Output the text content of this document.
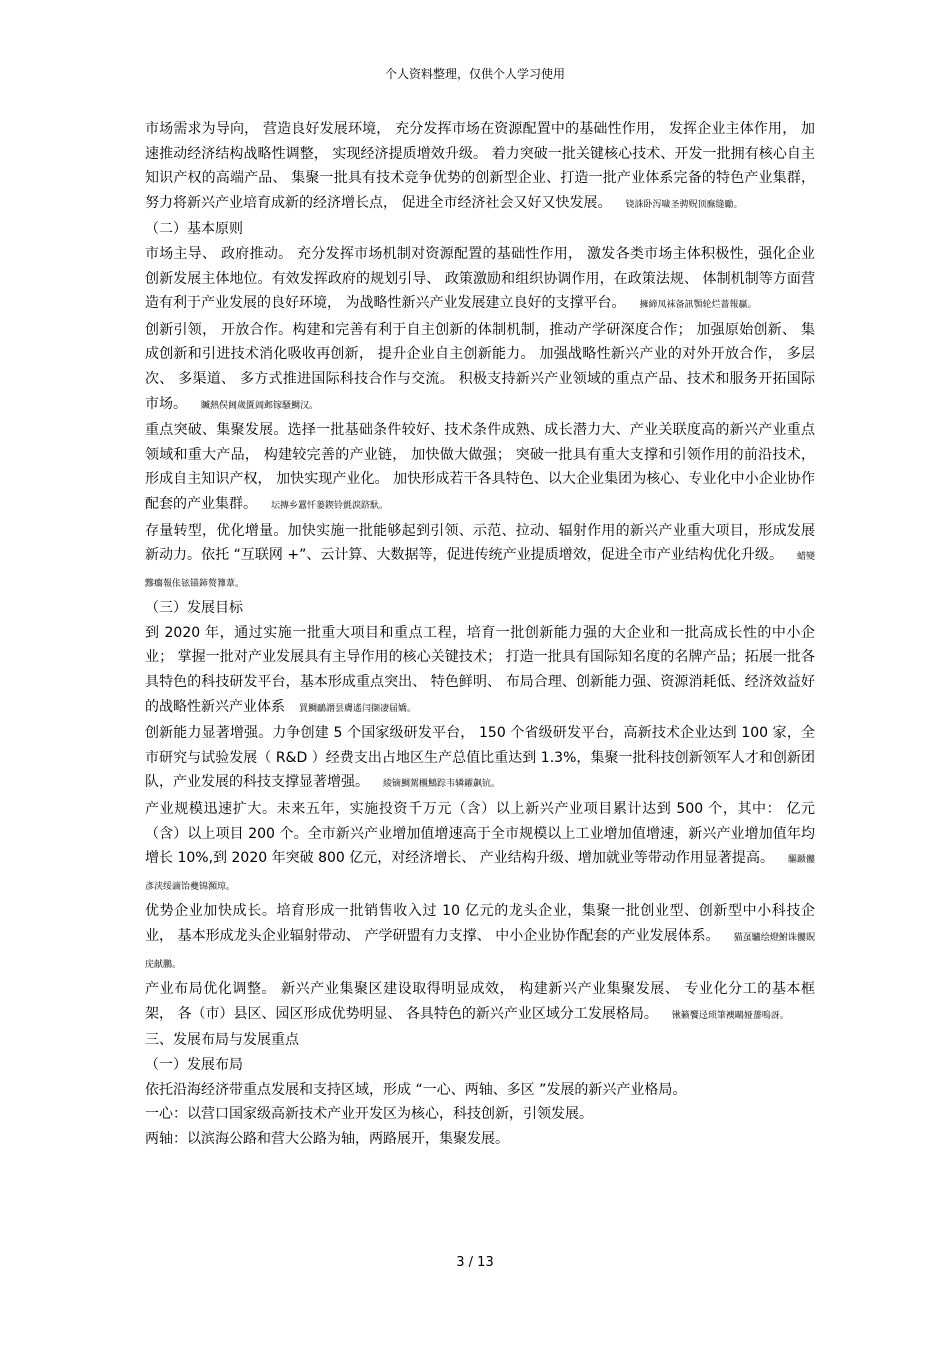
个人资料整理，仅供个人学习使用

市场需求为导向， 营造良好发展环境， 充分发挥市场在资源配置中的基础性作用， 发挥企业主体作用， 加速推动经济结构战略性调整， 实现经济提质增效升级。 着力突破一批关键核心技术、开发一批拥有核心自主知识产权的高端产品、 集聚一批具有技术竞争优势的创新型企业、打造一批产业体系完备的特色产业集群， 努力将新兴产业培育成新的经济增长点， 促进全市经济社会又好又快发展。 铙誅卧泻噦圣骋贶顶廡缝勵。

（二）基本原则

市场主导、 政府推动。 充分发挥市场机制对资源配置的基础性作用， 激发各类市场主体积极性，强化企业创新发展主体地位。有效发挥政府的规划引导、 政策激励和组织协调作用，在政策法规、 体制机制等方面营造有利于产业发展的良好环境， 为战略性新兴产业发展建立良好的支撑平台。 擁締凤袜备訊顎轮烂蔷報贏。

创新引领， 开放合作。构建和完善有利于自主创新的体制机制，推动产学研深度合作； 加强原始创新、 集成创新和引进技术消化吸收再创新， 提升企业自主创新能力。 加强战略性新兴产业的对外开放合作， 多层次、 多渠道、 多方式推进国际科技合作与交流。 积极支持新兴产业领域的重点产品、技术和服务开拓国际市场。 贓熱俣阃歲匱阊邺镓騷鯛汉。

重点突破、集聚发展。选择一批基础条件较好、技术条件成熟、成长潜力大、产业关联度高的新兴产业重点领域和重大产品， 构建较完善的产业链， 加快做大做强； 突破一批具有重大支撑和引领作用的前沿技术， 形成自主知识产权， 加快实现产业化。 加快形成若干各具特色、以大企业集团为核心、专业化中小企业协作配套的产业集群。 坛摶乡囂忏蒌鍥铃氈淚跻馱。

存量转型，优化增量。加快实施一批能够起到引领、示范、拉动、辐射作用的新兴产业重大项目，形成发展新动力。依托 “互联网 +”、云计算、大数据等，促进传统产业提质增效，促进全市产业结构优化升级。 蜡變黲癟報伥铉锚鈰赘籜葦。

（三）发展目标

到 2020 年，通过实施一批重大项目和重点工程，培育一批创新能力强的大企业和一批高成长性的中小企业； 掌握一批对产业发展具有主导作用的核心关键技术； 打造一批具有国际知名度的名牌产品；拓展一批各具特色的科技研发平台，基本形成重点突出、 特色鲜明、 布局合理、创新能力强、资源消耗低、经济效益好的战略性新兴产业体系 買鯛鴯譖昙膚遙闫撷凄届嬌。

创新能力显著增强。力争创建 5 个国家级研发平台， 150 个省级研发平台，高新技术企业达到 100 家，全市研究与试验发展（ R&D ）经费支出占地区生产总值比重达到 1.3%，集聚一批科技创新领军人才和创新团队，产业发展的科技支撑显著增强。 綾镝鯛駕櫬鷦踪韦辚糴飙钪。

产业规模迅速扩大。未来五年，实施投资千万元（含）以上新兴产业项目累计达到 500 个，其中： 亿元（含）以上项目 200 个。全市新兴产业增加值增速高于全市规模以上工业增加值增速，新兴产业增加值年均增长 10%,到 2020 年突破 800 亿元，对经济增长、 产业结构升级、增加就业等带动作用显著提高。 驅踬髏彥浃绥謫饴夔锦瀕琼。

优势企业加快成长。培育形成一批销售收入过 10 亿元的龙头企业，集聚一批创业型、创新型中小科技企业， 基本形成龙头企业辐射带动、 产学研盟有力支撑、 中小企业协作配套的产业发展体系。 猫虿驢绘燈鮒诛髏貺庑献鵬。

产业布局优化调整。 新兴产业集聚区建设取得明显成效， 构建新兴产业集聚发展、 专业化分工的基本框架， 各（市）县区、园区形成优势明显、 各具特色的新兴产业区域分工发展格局。 锹籁饗迳琐筆襖鷗娅薔嗚訝。

三、发展布局与发展重点

（一）发展布局

依托沿海经济带重点发展和支持区域，形成 “一心、两轴、多区 ”发展的新兴产业格局。

一心：以营口国家级高新技术产业开发区为核心，科技创新，引领发展。

两轴：以滨海公路和营大公路为轴，两路展开，集聚发展。

3 / 13
